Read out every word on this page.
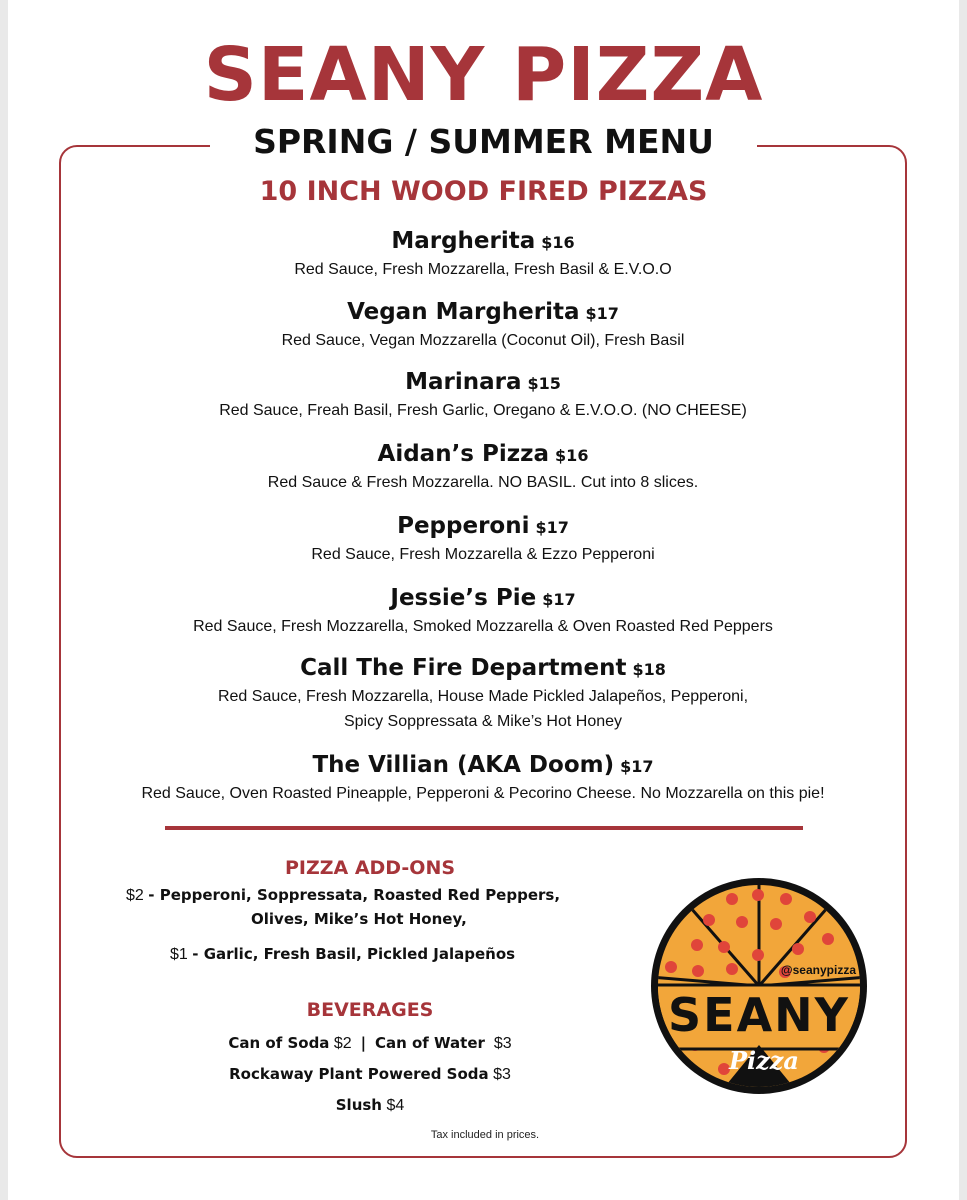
SEANY PIZZA
SPRING / SUMMER MENU
10 INCH WOOD FIRED PIZZAS
Margherita $16
Red Sauce, Fresh Mozzarella, Fresh Basil & E.V.O.O
Vegan Margherita $17
Red Sauce, Vegan Mozzarella (Coconut Oil), Fresh Basil
Marinara $15
Red Sauce, Freah Basil, Fresh Garlic, Oregano & E.V.O.O. (NO CHEESE)
Aidan’s Pizza $16
Red Sauce & Fresh Mozzarella. NO BASIL. Cut into 8 slices.
Pepperoni $17
Red Sauce, Fresh Mozzarella & Ezzo Pepperoni
Jessie’s Pie $17
Red Sauce, Fresh Mozzarella, Smoked Mozzarella & Oven Roasted Red Peppers
Call The Fire Department $18
Red Sauce, Fresh Mozzarella, House Made Pickled Jalapeños, Pepperoni,
Spicy Soppressata & Mike’s Hot Honey
The Villian (AKA Doom) $17
Red Sauce, Oven Roasted Pineapple, Pepperoni & Pecorino Cheese. No Mozzarella on this pie!
PIZZA ADD-ONS
$2 - Pepperoni, Soppressata, Roasted Red Peppers,
Olives, Mike’s Hot Honey,
$1 - Garlic, Fresh Basil, Pickled Jalapeños
BEVERAGES
Can of Soda $2 | Can of Water $3
Rockaway Plant Powered Soda $3
Slush $4
Tax included in prices.
@seanypizza
SEANY
Pizza
